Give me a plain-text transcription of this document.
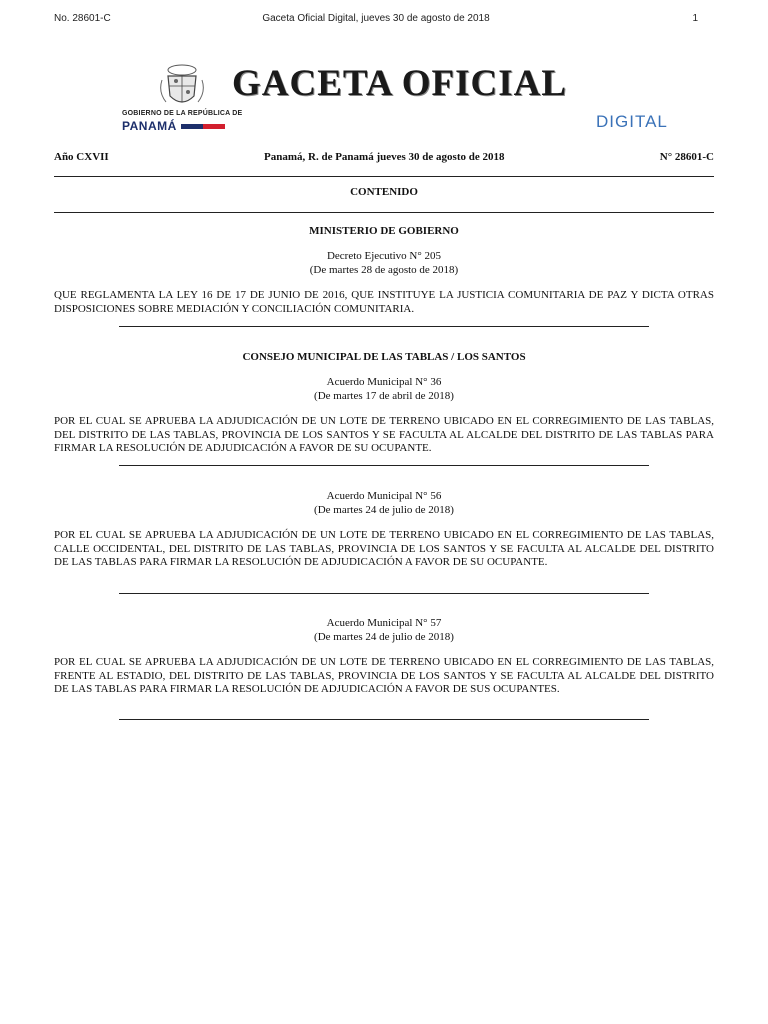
No. 28601-C	Gaceta Oficial Digital, jueves 30 de agosto de 2018	1
GOBIERNO DE LA REPÚBLICA DE
PANAMÁ
GACETA OFICIAL
DIGITAL
Año CXVII	Panamá, R. de Panamá jueves 30 de agosto de 2018	N° 28601-C
CONTENIDO
MINISTERIO DE GOBIERNO
Decreto Ejecutivo N° 205
(De martes 28 de agosto de 2018)
QUE REGLAMENTA LA LEY 16 DE 17 DE JUNIO DE 2016, QUE INSTITUYE LA JUSTICIA COMUNITARIA DE PAZ Y DICTA OTRAS DISPOSICIONES SOBRE MEDIACIÓN Y CONCILIACIÓN COMUNITARIA.
CONSEJO MUNICIPAL DE LAS TABLAS / LOS SANTOS
Acuerdo Municipal N° 36
(De martes 17 de abril de 2018)
POR EL CUAL SE APRUEBA LA ADJUDICACIÓN DE UN LOTE DE TERRENO UBICADO EN EL CORREGIMIENTO DE LAS TABLAS, DEL DISTRITO DE LAS TABLAS, PROVINCIA DE LOS SANTOS Y SE FACULTA AL ALCALDE DEL DISTRITO DE LAS TABLAS PARA FIRMAR LA RESOLUCIÓN DE ADJUDICACIÓN A FAVOR DE SU OCUPANTE.
Acuerdo Municipal N° 56
(De martes 24 de julio de 2018)
POR EL CUAL SE APRUEBA LA ADJUDICACIÓN DE UN LOTE DE TERRENO UBICADO EN EL CORREGIMIENTO DE LAS TABLAS, CALLE OCCIDENTAL, DEL DISTRITO DE LAS TABLAS, PROVINCIA DE LOS SANTOS Y SE FACULTA AL ALCALDE DEL DISTRITO DE LAS TABLAS PARA FIRMAR LA RESOLUCIÓN DE ADJUDICACIÓN A FAVOR DE SU OCUPANTE.
Acuerdo Municipal N° 57
(De martes 24 de julio de 2018)
POR EL CUAL SE APRUEBA LA ADJUDICACIÓN DE UN LOTE DE TERRENO UBICADO EN EL CORREGIMIENTO DE LAS TABLAS, FRENTE AL ESTADIO, DEL DISTRITO DE LAS TABLAS, PROVINCIA DE LOS SANTOS Y SE FACULTA AL ALCALDE DEL DISTRITO DE LAS TABLAS PARA FIRMAR LA RESOLUCIÓN DE ADJUDICACIÓN A FAVOR DE SUS OCUPANTES.
